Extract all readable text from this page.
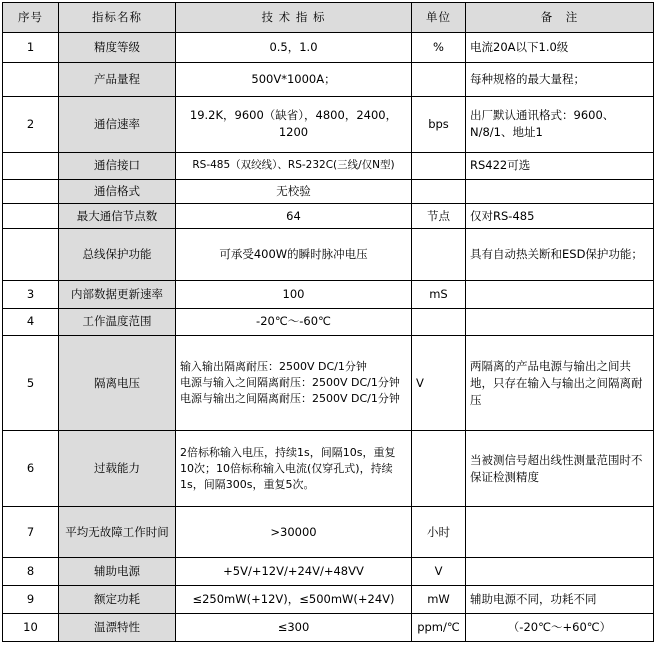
序号	指标名称	技 术 指 标	单位	备　注
1	精度等级	0.5，1.0	%	电流20A以下1.0级
	产品量程	500V*1000A；		每种规格的最大量程；
2	通信速率	19.2K，9600（缺省），4800，2400，1200	bps	出厂默认通讯格式：9600、N/8/1、地址1
	通信接口	RS-485（双绞线）、RS-232C(三线/仅N型)		RS422可选
	通信格式	无校验		
	最大通信节点数	64	节点	仅对RS-485
	总线保护功能	可承受400W的瞬时脉冲电压		具有自动热关断和ESD保护功能；
3	内部数据更新速率	100	mS	
4	工作温度范围	-20℃～-60℃		
5	隔离电压	输入输出隔离耐压：2500V DC/1分钟
电源与输入之间隔离耐压：2500V DC/1分钟
电源与输出之间隔离耐压：2500V DC/1分钟	V	两隔离的产品电源与输出之间共地，只存在输入与输出之间隔离耐压
6	过载能力	2倍标称输入电压，持续1s，间隔10s，重复10次；10倍标称输入电流(仅穿孔式)，持续1s，间隔300s，重复5次。		当被测信号超出线性测量范围时不保证检测精度
7	平均无故障工作时间	>30000	小时	
8	辅助电源	+5V/+12V/+24V/+48VV	V	
9	额定功耗	≤250mW(+12V)，≤500mW(+24V)	mW	辅助电源不同，功耗不同
10	温漂特性	≤300	ppm/℃	（-20℃～+60℃）
